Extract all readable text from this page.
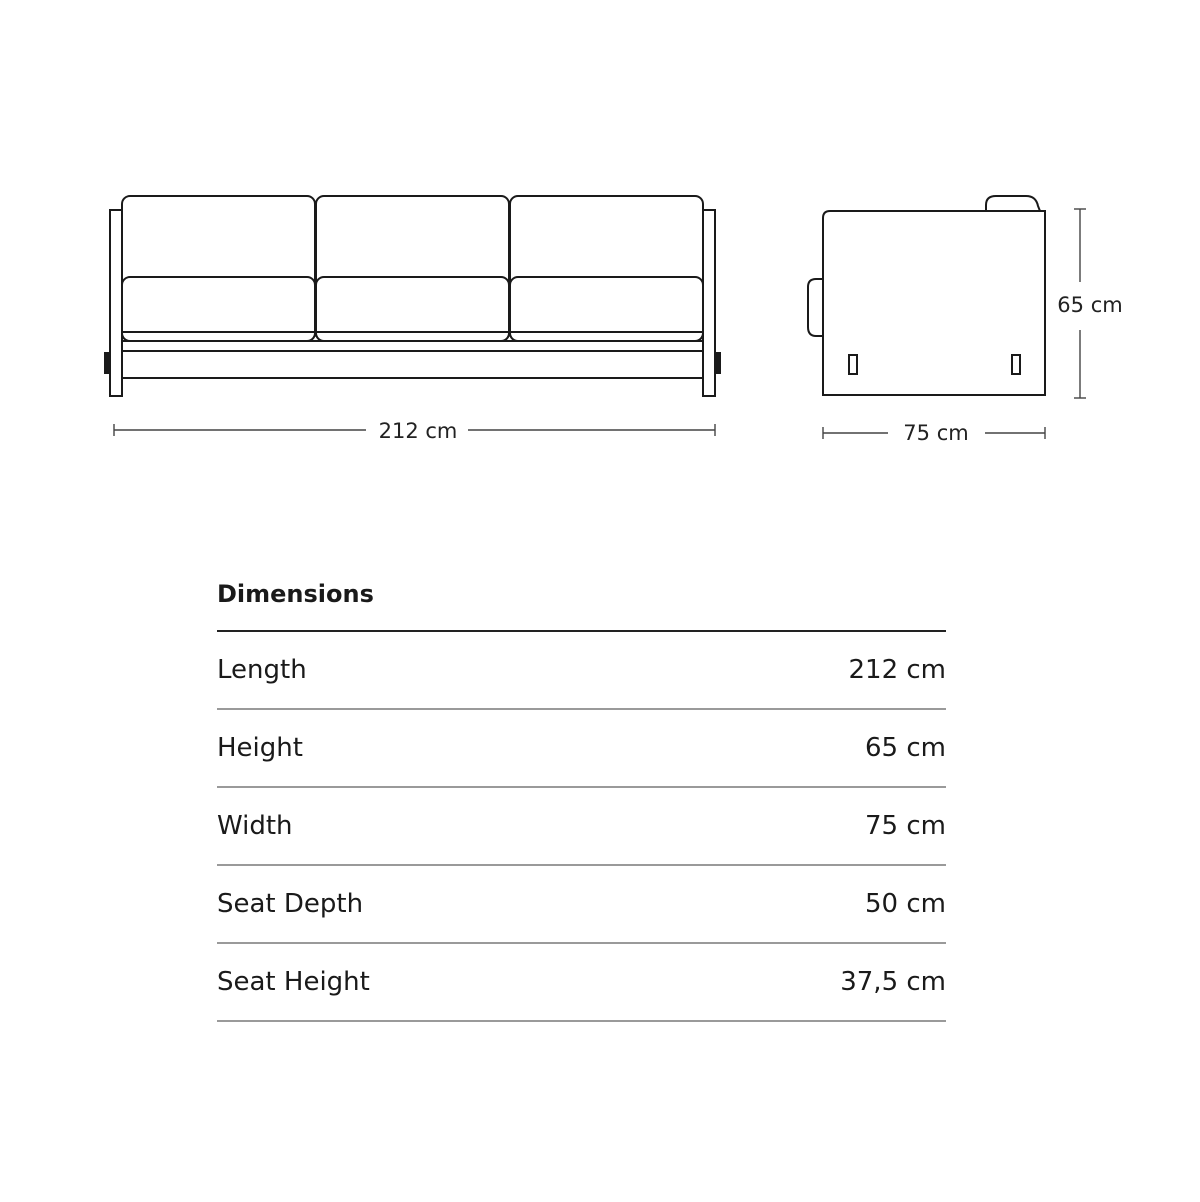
212 cm	75 cm
65 cm
Dimensions
Length	212 cm
Height	65 cm
Width	75 cm
Seat Depth	50 cm
Seat Height	37,5 cm
